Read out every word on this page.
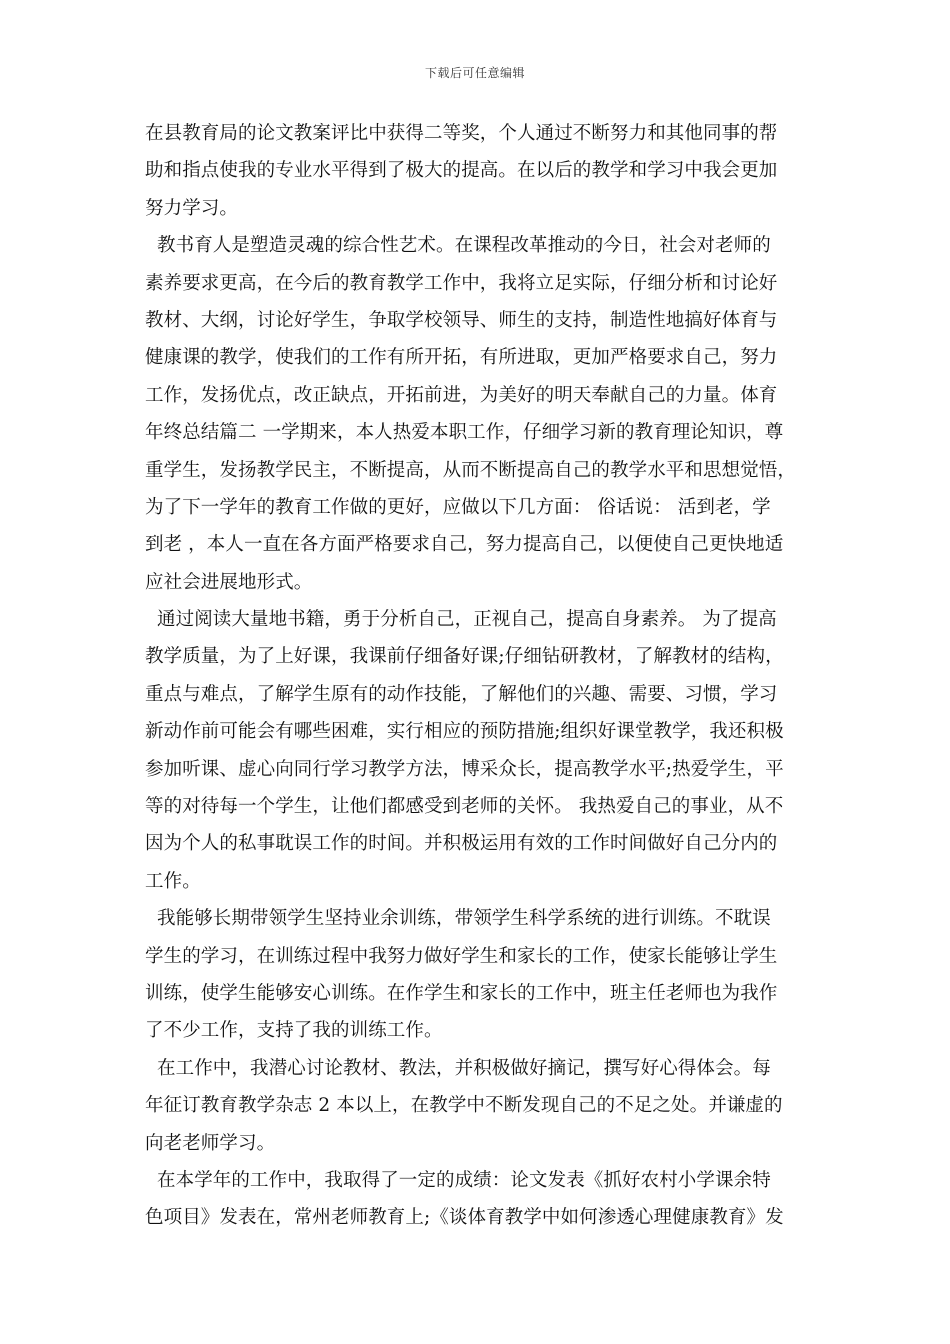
下载后可任意编辑
在县教育局的论文教案评比中获得二等奖，个人通过不断努力和其他同事的帮
助和指点使我的专业水平得到了极大的提高。在以后的教学和学习中我会更加
努力学习。
教书育人是塑造灵魂的综合性艺术。在课程改革推动的今日，社会对老师的
素养要求更高，在今后的教育教学工作中，我将立足实际，仔细分析和讨论好
教材、大纲，讨论好学生，争取学校领导、师生的支持，制造性地搞好体育与
健康课的教学，使我们的工作有所开拓，有所进取，更加严格要求自己，努力
工作，发扬优点，改正缺点，开拓前进，为美好的明天奉献自己的力量。体育
年终总结篇二 一学期来，本人热爱本职工作，仔细学习新的教育理论知识，尊
重学生，发扬教学民主，不断提高，从而不断提高自己的教学水平和思想觉悟，
为了下一学年的教育工作做的更好，应做以下几方面： 俗话说： 活到老，学
到老 ，本人一直在各方面严格要求自己，努力提高自己，以便使自己更快地适
应社会进展地形式。
通过阅读大量地书籍，勇于分析自己，正视自己，提高自身素养。 为了提高
教学质量，为了上好课，我课前仔细备好课;仔细钻研教材，了解教材的结构，
重点与难点，了解学生原有的动作技能，了解他们的兴趣、需要、习惯，学习
新动作前可能会有哪些困难，实行相应的预防措施;组织好课堂教学，我还积极
参加听课、虚心向同行学习教学方法，博采众长，提高教学水平;热爱学生，平
等的对待每一个学生，让他们都感受到老师的关怀。 我热爱自己的事业，从不
因为个人的私事耽误工作的时间。并积极运用有效的工作时间做好自己分内的
工作。
我能够长期带领学生坚持业余训练，带领学生科学系统的进行训练。不耽误
学生的学习，在训练过程中我努力做好学生和家长的工作，使家长能够让学生
训练，使学生能够安心训练。在作学生和家长的工作中，班主任老师也为我作
了不少工作，支持了我的训练工作。
在工作中，我潜心讨论教材、教法，并积极做好摘记，撰写好心得体会。每
年征订教育教学杂志 2 本以上，在教学中不断发现自己的不足之处。并谦虚的
向老老师学习。
在本学年的工作中，我取得了一定的成绩：论文发表《抓好农村小学课余特
色项目》发表在，常州老师教育上;《谈体育教学中如何渗透心理健康教育》发
